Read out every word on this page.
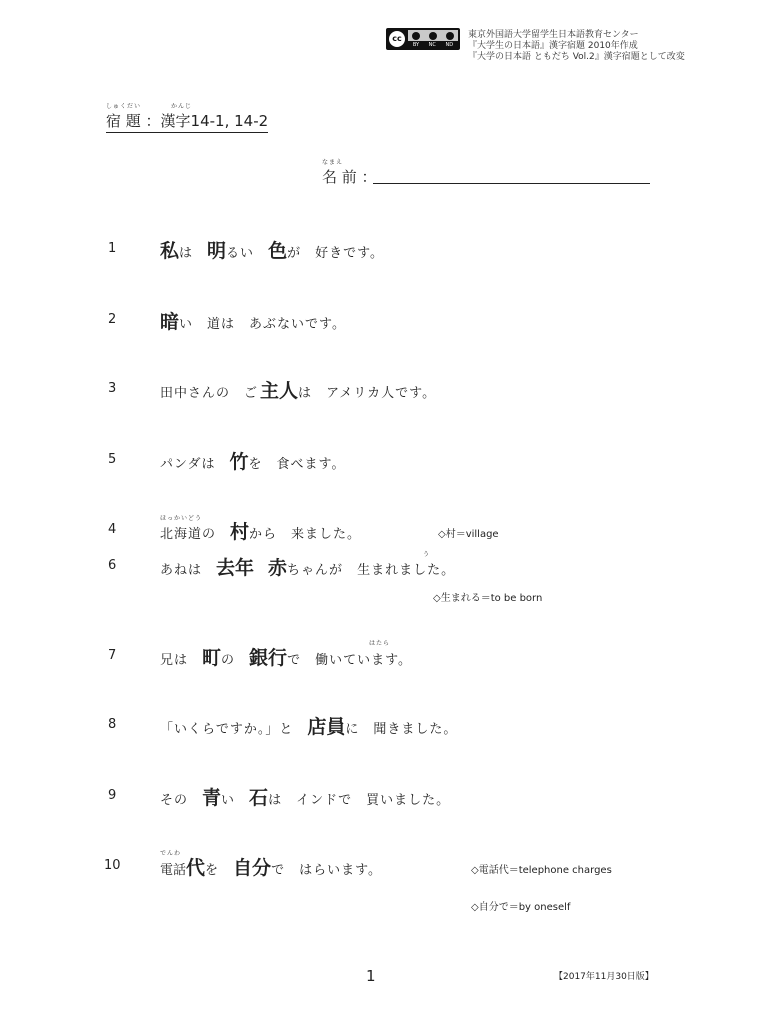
cc
BY NC ND
東京外国語大学留学生日本語教育センター
『大学生の日本語』漢字宿題 2010年作成
『大学の日本語 ともだち Vol.2』漢字宿題として改変
しゅくだい	かんじ
宿 題 ：漢字14-1, 14-2
なまえ
名 前 ：
1	私は 明るい 色が 好きです。
2	暗い 道は あぶないです。
3	田中さんの ご 主人は アメリカ人です。
5	パンダは 竹を 食べます。
ほっかいどう
4	北海道の 村から 来ました。	◇村＝village
う
6	あねは 去年 赤ちゃんが 生まれました。
◇生まれる＝to be born
はたら
7	兄は 町の 銀行で 働いています。
8	「いくらですか。」と 店員に 聞きました。
9	その 青い 石は インドで 買いました。
でんわ
10	電話代を 自分で はらいます。	◇電話代＝telephone charges
◇自分で＝by oneself
1	【2017年11月30日版】
